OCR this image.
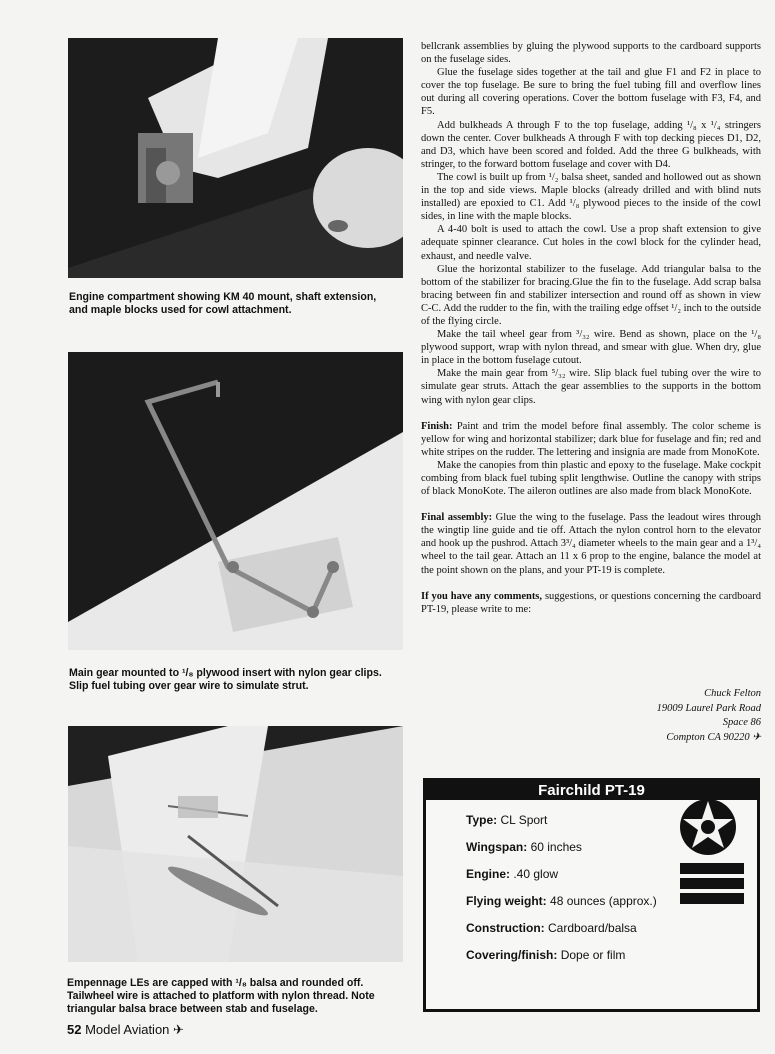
Engine compartment showing KM 40 mount, shaft extension,
and maple blocks used for cowl attachment.
Main gear mounted to ¹/₈ plywood insert with nylon gear clips.
Slip fuel tubing over gear wire to simulate strut.
Empennage LEs are capped with ¹/₈ balsa and rounded off.
Tailwheel wire is attached to platform with nylon thread. Note
triangular balsa brace between stab and fuselage.

bellcrank assemblies by gluing the plywood supports to the cardboard supports on the fuselage sides.

Glue the fuselage sides together at the tail and glue F1 and F2 in place to cover the top fuselage. Be sure to bring the fuel tubing fill and overflow lines out during all covering operations. Cover the bottom fuselage with F3, F4, and F5.

Add bulkheads A through F to the top fuselage, adding ¹/₈ x ¹/₄ stringers down the center. Cover bulkheads A through F with top decking pieces D1, D2, and D3, which have been scored and folded. Add the three G bulkheads, with stringer, to the forward bottom fuselage and cover with D4.

The cowl is built up from ¹/₂ balsa sheet, sanded and hollowed out as shown in the top and side views. Maple blocks (already drilled and with blind nuts installed) are epoxied to C1. Add ¹/₈ plywood pieces to the inside of the cowl sides, in line with the maple blocks.

A 4-40 bolt is used to attach the cowl. Use a prop shaft extension to give adequate spinner clearance. Cut holes in the cowl block for the cylinder head, exhaust, and needle valve.

Glue the horizontal stabilizer to the fuselage. Add triangular balsa to the bottom of the stabilizer for bracing.Glue the fin to the fuselage. Add scrap balsa bracing between fin and stabilizer intersection and round off as shown in view C-C. Add the rudder to the fin, with the trailing edge offset ¹/₂ inch to the outside of the flying circle.

Make the tail wheel gear from ³/₃₂ wire. Bend as shown, place on the ¹/₈ plywood support, wrap with nylon thread, and smear with glue. When dry, glue in place in the bottom fuselage cutout.

Make the main gear from ⁵/₃₂ wire. Slip black fuel tubing over the wire to simulate gear struts. Attach the gear assemblies to the supports in the bottom wing with nylon gear clips.

Finish: Paint and trim the model before final assembly. The color scheme is yellow for wing and horizontal stabilizer; dark blue for fuselage and fin; red and white stripes on the rudder. The lettering and insignia are made from MonoKote.

Make the canopies from thin plastic and epoxy to the fuselage. Make cockpit combing from black fuel tubing split lengthwise. Outline the canopy with strips of black MonoKote. The aileron outlines are also made from black MonoKote.

Final assembly: Glue the wing to the fuselage. Pass the leadout wires through the wingtip line guide and tie off. Attach the nylon control horn to the elevator and hook up the pushrod. Attach 3³/₄ diameter wheels to the main gear and a 1³/₄ wheel to the tail gear. Attach an 11 x 6 prop to the engine, balance the model at the point shown on the plans, and your PT-19 is complete.

If you have any comments, suggestions, or questions concerning the cardboard PT-19, please write to me:

Chuck Felton
19009 Laurel Park Road
Space 86
Compton CA 90220 ✈
Fairchild PT-19
Type: CL Sport
Wingspan: 60 inches
Engine: .40 glow
Flying weight: 48 ounces (approx.)
Construction: Cardboard/balsa
Covering/finish: Dope or film
52 Model Aviation ✈
